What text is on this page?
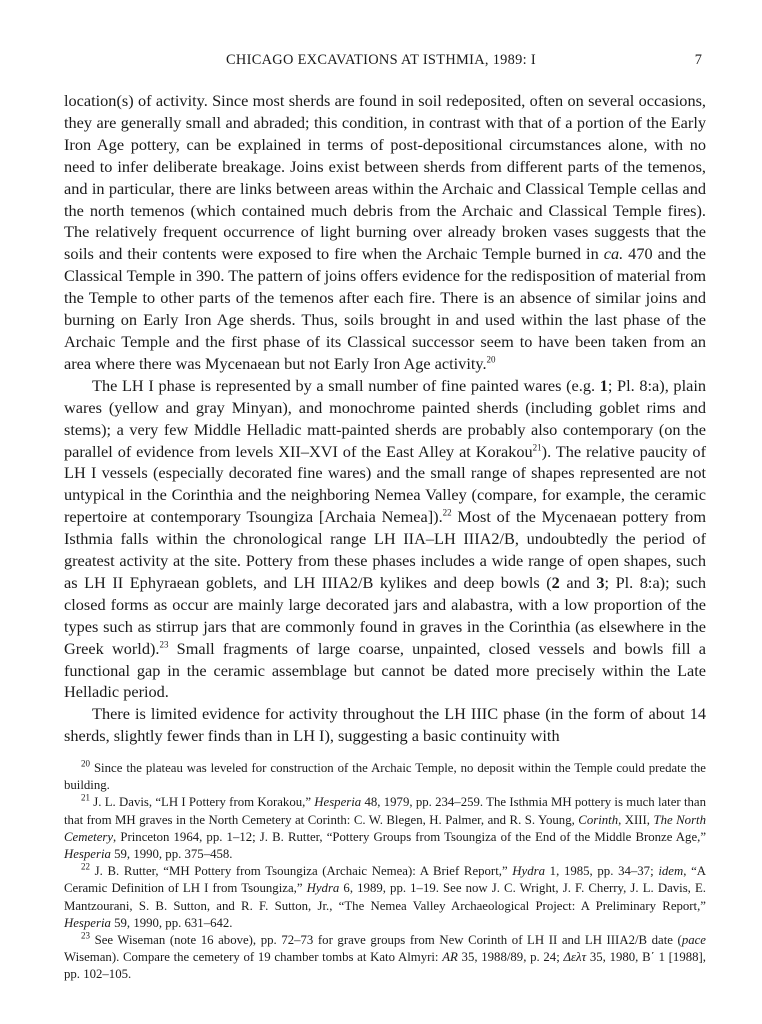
CHICAGO EXCAVATIONS AT ISTHMIA, 1989: I	7

location(s) of activity. Since most sherds are found in soil redeposited, often on several occasions, they are generally small and abraded; this condition, in contrast with that of a portion of the Early Iron Age pottery, can be explained in terms of post-depositional circumstances alone, with no need to infer deliberate breakage. Joins exist between sherds from different parts of the temenos, and in particular, there are links between areas within the Archaic and Classical Temple cellas and the north temenos (which contained much debris from the Archaic and Classical Temple fires). The relatively frequent occurrence of light burning over already broken vases suggests that the soils and their contents were exposed to fire when the Archaic Temple burned in ca. 470 and the Classical Temple in 390. The pattern of joins offers evidence for the redisposition of material from the Temple to other parts of the temenos after each fire. There is an absence of similar joins and burning on Early Iron Age sherds. Thus, soils brought in and used within the last phase of the Archaic Temple and the first phase of its Classical successor seem to have been taken from an area where there was Mycenaean but not Early Iron Age activity.$^{20}$

The LH I phase is represented by a small number of fine painted wares (e.g. 1; Pl. 8:a), plain wares (yellow and gray Minyan), and monochrome painted sherds (including goblet rims and stems); a very few Middle Helladic matt-painted sherds are probably also contemporary (on the parallel of evidence from levels XII–XVI of the East Alley at Korakou$^{21}$). The relative paucity of LH I vessels (especially decorated fine wares) and the small range of shapes represented are not untypical in the Corinthia and the neighboring Nemea Valley (compare, for example, the ceramic repertoire at contemporary Tsoungiza [Archaia Nemea]).$^{22}$ Most of the Mycenaean pottery from Isthmia falls within the chronological range LH IIA–LH IIIA2/B, undoubtedly the period of greatest activity at the site. Pottery from these phases includes a wide range of open shapes, such as LH II Ephyraean goblets, and LH IIIA2/B kylikes and deep bowls (2 and 3; Pl. 8:a); such closed forms as occur are mainly large decorated jars and alabastra, with a low proportion of the types such as stirrup jars that are commonly found in graves in the Corinthia (as elsewhere in the Greek world).$^{23}$ Small fragments of large coarse, unpainted, closed vessels and bowls fill a functional gap in the ceramic assemblage but cannot be dated more precisely within the Late Helladic period.

There is limited evidence for activity throughout the LH IIIC phase (in the form of about 14 sherds, slightly fewer finds than in LH I), suggesting a basic continuity with

$^{20}$ Since the plateau was leveled for construction of the Archaic Temple, no deposit within the Temple could predate the building.

$^{21}$ J. L. Davis, “LH I Pottery from Korakou,” Hesperia 48, 1979, pp. 234–259. The Isthmia MH pottery is much later than that from MH graves in the North Cemetery at Corinth: C. W. Blegen, H. Palmer, and R. S. Young, Corinth, XIII, The North Cemetery, Princeton 1964, pp. 1–12; J. B. Rutter, “Pottery Groups from Tsoungiza of the End of the Middle Bronze Age,” Hesperia 59, 1990, pp. 375–458.

$^{22}$ J. B. Rutter, “MH Pottery from Tsoungiza (Archaic Nemea): A Brief Report,” Hydra 1, 1985, pp. 34–37; idem, “A Ceramic Definition of LH I from Tsoungiza,” Hydra 6, 1989, pp. 1–19. See now J. C. Wright, J. F. Cherry, J. L. Davis, E. Mantzourani, S. B. Sutton, and R. F. Sutton, Jr., “The Nemea Valley Archaeological Project: A Preliminary Report,” Hesperia 59, 1990, pp. 631–642.

$^{23}$ See Wiseman (note 16 above), pp. 72–73 for grave groups from New Corinth of LH II and LH IIIA2/B date (pace Wiseman). Compare the cemetery of 19 chamber tombs at Kato Almyri: AR 35, 1988/89, p. 24; Δελτ 35, 1980, Β΄ 1 [1988], pp. 102–105.
